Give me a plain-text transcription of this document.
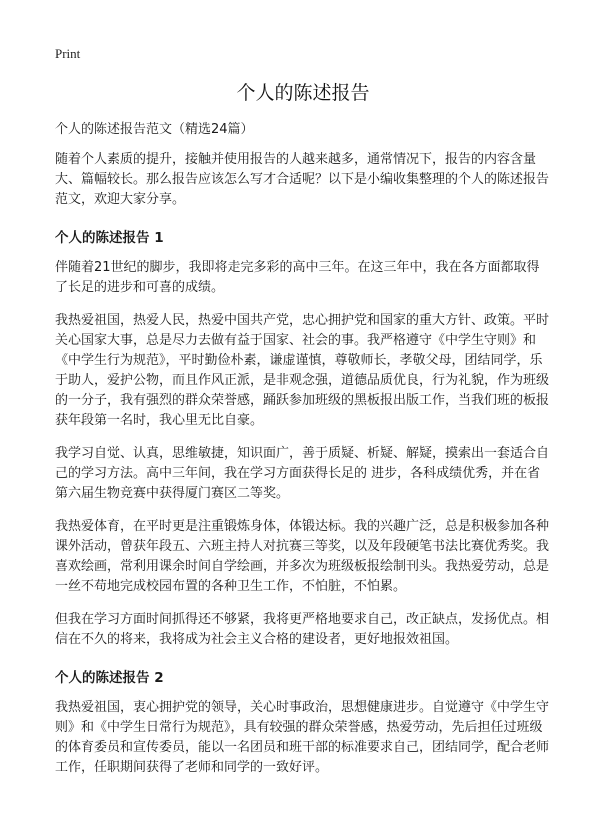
Print
个人的陈述报告
个人的陈述报告范文（精选24篇）

随着个人素质的提升，接触并使用报告的人越来越多，通常情况下，报告的内容含量大、篇幅较长。那么报告应该怎么写才合适呢？以下是小编收集整理的个人的陈述报告范文，欢迎大家分享。

个人的陈述报告 1

伴随着21世纪的脚步，我即将走完多彩的高中三年。在这三年中，我在各方面都取得了长足的进步和可喜的成绩。

我热爱祖国，热爱人民，热爱中国共产党，忠心拥护党和国家的重大方针、政策。平时关心国家大事，总是尽力去做有益于国家、社会的事。我严格遵守《中学生守则》和《中学生行为规范》，平时勤俭朴素，谦虚谨慎，尊敬师长，孝敬父母，团结同学，乐于助人，爱护公物，而且作风正派，是非观念强，道德品质优良，行为礼貌，作为班级的一分子，我有强烈的群众荣誉感，踊跃参加班级的黑板报出版工作，当我们班的板报获年段第一名时，我心里无比自豪。

我学习自觉、认真，思维敏捷，知识面广，善于质疑、析疑、解疑，摸索出一套适合自己的学习方法。高中三年间，我在学习方面获得长足的 进步，各科成绩优秀，并在省第六届生物竞赛中获得厦门赛区二等奖。

我热爱体育，在平时更是注重锻炼身体，体锻达标。我的兴趣广泛，总是积极参加各种课外活动，曾获年段五、六班主持人对抗赛三等奖，以及年段硬笔书法比赛优秀奖。我喜欢绘画，常利用课余时间自学绘画，并多次为班级板报绘制刊头。我热爱劳动，总是一丝不苟地完成校园布置的各种卫生工作，不怕脏，不怕累。

但我在学习方面时间抓得还不够紧，我将更严格地要求自己，改正缺点，发扬优点。相信在不久的将来，我将成为社会主义合格的建设者，更好地报效祖国。

个人的陈述报告 2

我热爱祖国，衷心拥护党的领导，关心时事政治，思想健康进步。自觉遵守《中学生守则》和《中学生日常行为规范》，具有较强的群众荣誉感，热爱劳动，先后担任过班级的体育委员和宣传委员，能以一名团员和班干部的标准要求自己，团结同学，配合老师工作，任职期间获得了老师和同学的一致好评。
